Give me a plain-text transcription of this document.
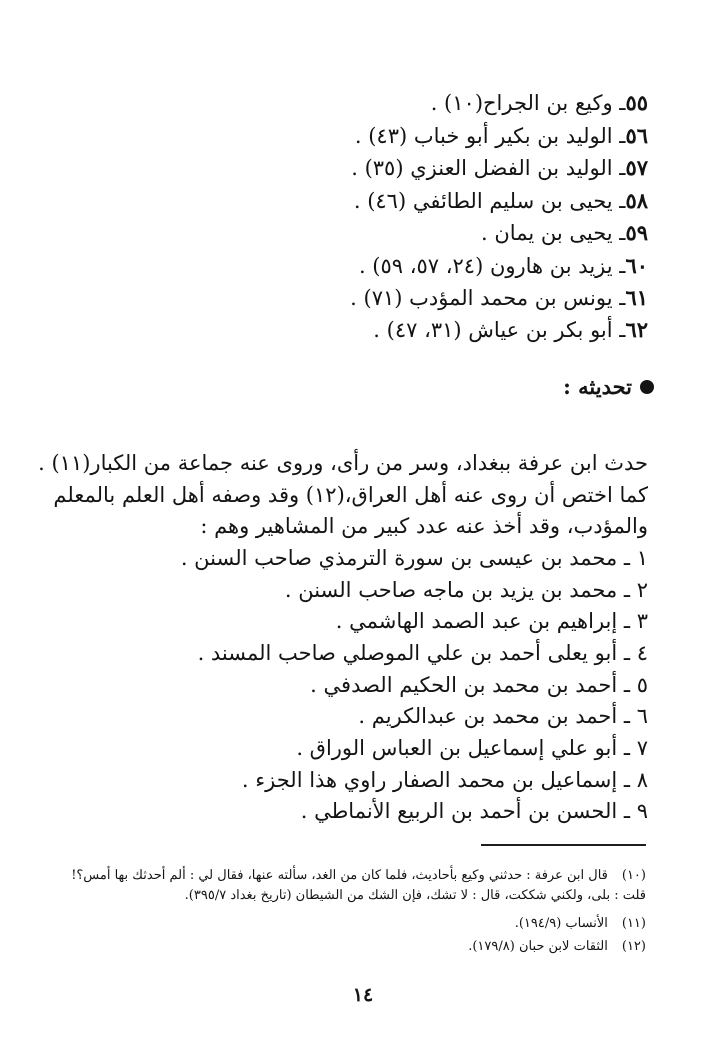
٥٥ـ وكيع بن الجراح(١٠) .
٥٦ـ الوليد بن بكير أبو خباب (٤٣) .
٥٧ـ الوليد بن الفضل العنزي (٣٥) .
٥٨ـ يحيى بن سليم الطائفي (٤٦) .
٥٩ـ يحيى بن يمان .
٦٠ـ يزيد بن هارون (٢٤، ٥٧، ٥٩) .
٦١ـ يونس بن محمد المؤدب (٧١) .
٦٢ـ أبو بكر بن عياش (٣١، ٤٧) .
تحديثه :
حدث ابن عرفة ببغداد، وسر من رأى، وروى عنه جماعة من الكبار(١١) .
كما اختص أن روى عنه أهل العراق،(١٢) وقد وصفه أهل العلم بالمعلم
والمؤدب، وقد أخذ عنه عدد كبير من المشاهير وهم :
١ ـ محمد بن عيسى بن سورة الترمذي صاحب السنن .
٢ ـ محمد بن يزيد بن ماجه صاحب السنن .
٣ ـ إبراهيم بن عبد الصمد الهاشمي .
٤ ـ أبو يعلى أحمد بن علي الموصلي صاحب المسند .
٥ ـ أحمد بن محمد بن الحكيم الصدفي .
٦ ـ أحمد بن محمد بن عبدالكريم .
٧ ـ أبو علي إسماعيل بن العباس الوراق .
٨ ـ إسماعيل بن محمد الصفار راوي هذا الجزء .
٩ ـ الحسن بن أحمد بن الربيع الأنماطي .
(١٠)قال ابن عرفة : حدثني وكيع بأحاديث، فلما كان من الغد، سألته عنها، فقال لي : ألم أحدثك بها أمس؟! قلت : بلى، ولكني شككت، قال : لا تشك، فإن الشك من الشيطان (تاريخ بغداد ٣٩٥/٧).
(١١)الأنساب (١٩٤/٩).
(١٢)الثقات لابن حبان (١٧٩/٨).
١٤
